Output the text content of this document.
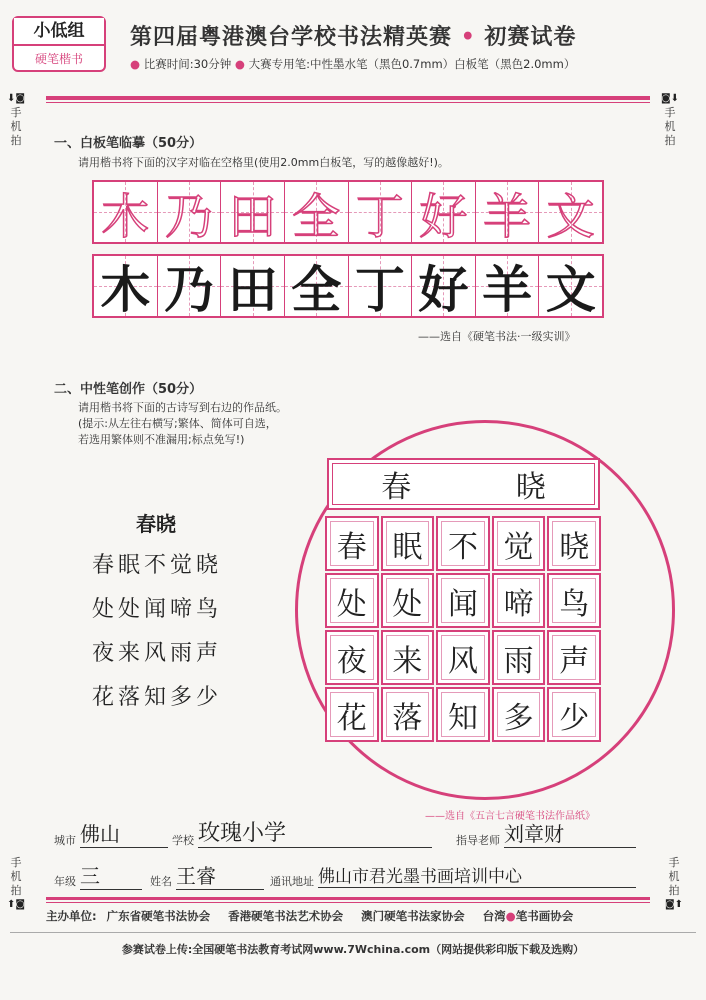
小低组
硬笔楷书
第四届粤港澳台学校书法精英赛 • 初赛试卷
● 比赛时间:30分钟 ● 大赛专用笔:中性墨水笔（黑色0.7mm）白板笔（黑色2.0mm）
⬇◙
手机拍
◙⬇
手机拍
手机拍
⬆◙
手机拍
◙⬆
一、白板笔临摹（50分）
请用楷书将下面的汉字对临在空格里(使用2.0mm白板笔，写的越像越好!)。
木 乃 田 全 丁 好 羊 文
木 乃 田 全 丁 好 羊 文
——选自《硬笔书法·一级实训》
二、中性笔创作（50分）
请用楷书将下面的古诗写到右边的作品纸。
(提示:从左往右横写;繁体、简体可自选，
若选用繁体则不准漏用;标点免写!)
春晓
春眠不觉晓
处处闻啼鸟
夜来风雨声
花落知多少
春	晓
春 眠 不 觉 晓
处 处 闻 啼 鸟
夜 来 风 雨 声
花 落 知 多 少
——选自《五言七言硬笔书法作品纸》
城市 佛山	学校 玫瑰小学	指导老师 刘章财
年级 三	姓名 王睿	通讯地址 佛山市君光墨书画培训中心
主办单位: 广东省硬笔书法协会 香港硬笔书法艺术协会 澳门硬笔书法家协会 台湾●笔书画协会
参赛试卷上传:全国硬笔书法教育考试网www.7Wchina.com（网站提供彩印版下载及选购）
